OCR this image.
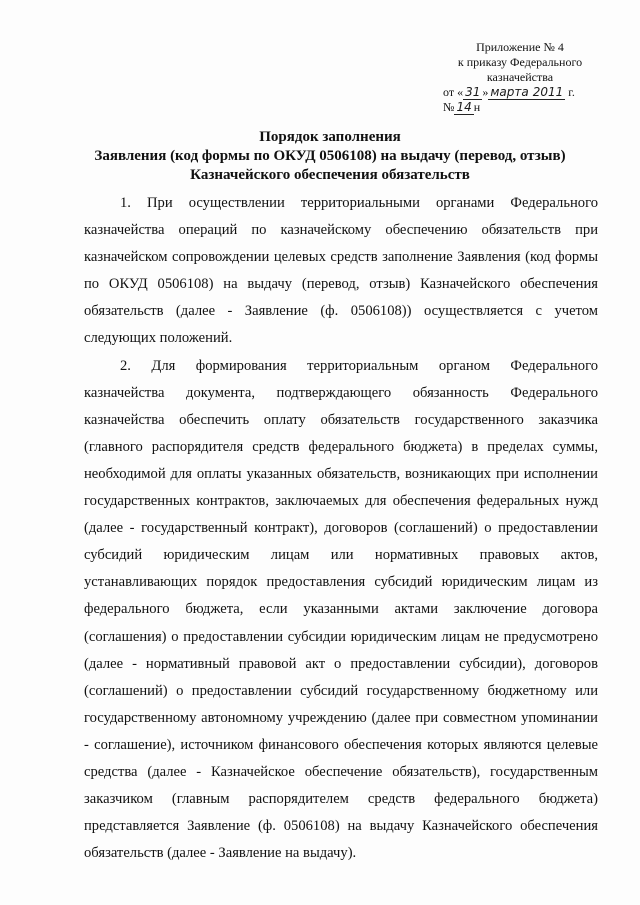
Приложение № 4
к приказу Федерального
казначейства
от « 31 » марта 2011 г. № 14 н
Порядок заполнения
Заявления (код формы по ОКУД 0506108) на выдачу (перевод, отзыв)
Казначейского обеспечения обязательств

1. При осуществлении территориальными органами Федерального казначейства операций по казначейскому обеспечению обязательств при казначейском сопровождении целевых средств заполнение Заявления (код формы по ОКУД 0506108) на выдачу (перевод, отзыв) Казначейского обеспечения обязательств (далее - Заявление (ф. 0506108)) осуществляется с учетом следующих положений.

2. Для формирования территориальным органом Федерального казначейства документа, подтверждающего обязанность Федерального казначейства обеспечить оплату обязательств государственного заказчика (главного распорядителя средств федерального бюджета) в пределах суммы, необходимой для оплаты указанных обязательств, возникающих при исполнении государственных контрактов, заключаемых для обеспечения федеральных нужд (далее - государственный контракт), договоров (соглашений) о предоставлении субсидий юридическим лицам или нормативных правовых актов, устанавливающих порядок предоставления субсидий юридическим лицам из федерального бюджета, если указанными актами заключение договора (соглашения) о предоставлении субсидии юридическим лицам не предусмотрено (далее - нормативный правовой акт о предоставлении субсидии), договоров (соглашений) о предоставлении субсидий государственному бюджетному или государственному автономному учреждению (далее при совместном упоминании - соглашение), источником финансового обеспечения которых являются целевые средства (далее - Казначейское обеспечение обязательств), государственным заказчиком (главным распорядителем средств федерального бюджета) представляется Заявление (ф. 0506108) на выдачу Казначейского обеспечения обязательств (далее - Заявление на выдачу).
